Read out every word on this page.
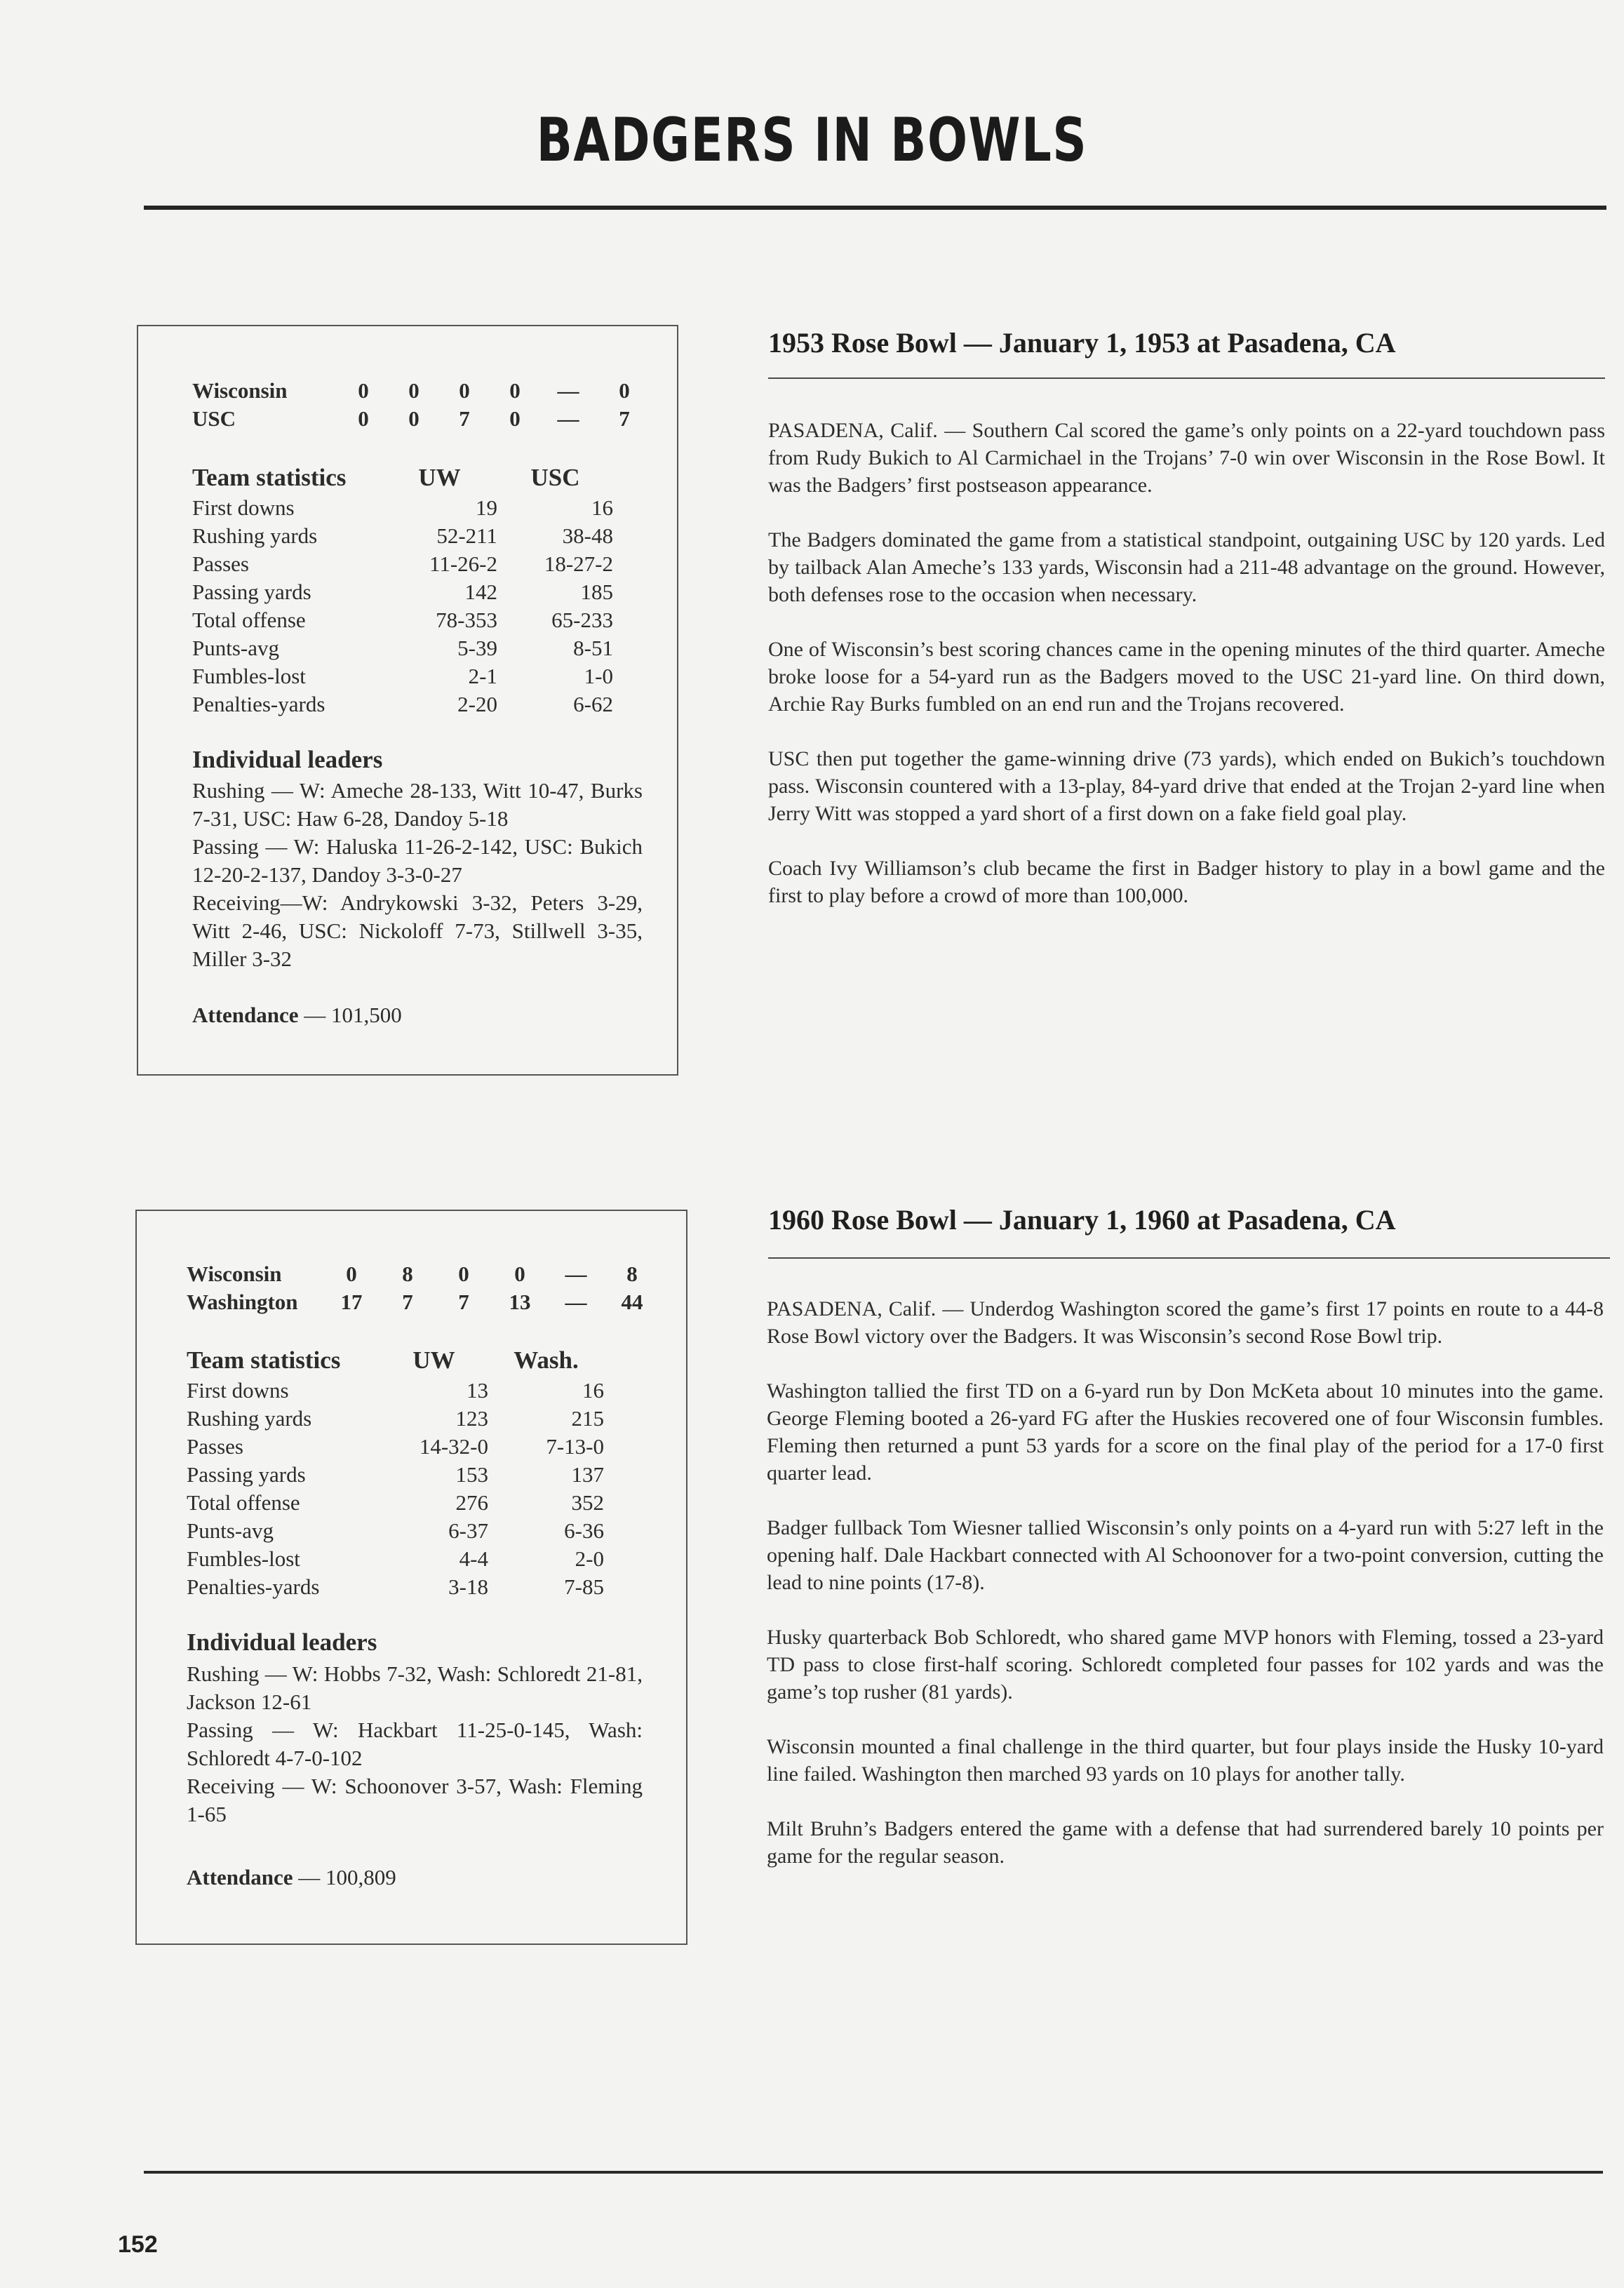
BADGERS IN BOWLS
Wisconsin	0	0	0	0	—	0
USC	0	0	7	0	—	7
Team statistics	UW	USC
First downs	19	16
Rushing yards	52-211	38-48
Passes	11-26-2	18-27-2
Passing yards	142	185
Total offense	78-353	65-233
Punts-avg	5-39	8-51
Fumbles-lost	2-1	1-0
Penalties-yards	2-20	6-62
Individual leaders

Rushing — W: Ameche 28-133, Witt 10-47, Burks 7-31, USC: Haw 6-28, Dandoy 5-18

Passing — W: Haluska 11-26-2-142, USC: Bukich 12-20-2-137, Dandoy 3-3-0-27

Receiving—W: Andrykowski 3-32, Peters 3-29, Witt 2-46, USC: Nickoloff 7-73, Stillwell 3-35, Miller 3-32

Attendance — 101,500

1953 Rose Bowl — January 1, 1953 at Pasadena, CA

PASADENA, Calif. — Southern Cal scored the game’s only points on a 22-yard touchdown pass from Rudy Bukich to Al Carmichael in the Trojans’ 7-0 win over Wisconsin in the Rose Bowl. It was the Badgers’ first postseason appearance.

The Badgers dominated the game from a statistical standpoint, outgaining USC by 120 yards. Led by tailback Alan Ameche’s 133 yards, Wisconsin had a 211-48 advantage on the ground. However, both defenses rose to the occasion when necessary.

One of Wisconsin’s best scoring chances came in the opening minutes of the third quarter. Ameche broke loose for a 54-yard run as the Badgers moved to the USC 21-yard line. On third down, Archie Ray Burks fumbled on an end run and the Trojans recovered.

USC then put together the game-winning drive (73 yards), which ended on Bukich’s touchdown pass. Wisconsin countered with a 13-play, 84-yard drive that ended at the Trojan 2-yard line when Jerry Witt was stopped a yard short of a first down on a fake field goal play.

Coach Ivy Williamson’s club became the first in Badger history to play in a bowl game and the first to play before a crowd of more than 100,000.

Wisconsin	0	8	0	0	—	8
Washington	17	7	7	13	—	44
Team statistics	UW	Wash.
First downs	13	16
Rushing yards	123	215
Passes	14-32-0	7-13-0
Passing yards	153	137
Total offense	276	352
Punts-avg	6-37	6-36
Fumbles-lost	4-4	2-0
Penalties-yards	3-18	7-85
Individual leaders

Rushing — W: Hobbs 7-32, Wash: Schloredt 21-81, Jackson 12-61

Passing — W: Hackbart 11-25-0-145, Wash: Schloredt 4-7-0-102

Receiving — W: Schoonover 3-57, Wash: Fleming 1-65

Attendance — 100,809

1960 Rose Bowl — January 1, 1960 at Pasadena, CA

PASADENA, Calif. — Underdog Washington scored the game’s first 17 points en route to a 44-8 Rose Bowl victory over the Badgers. It was Wisconsin’s second Rose Bowl trip.

Washington tallied the first TD on a 6-yard run by Don McKeta about 10 minutes into the game. George Fleming booted a 26-yard FG after the Huskies recovered one of four Wisconsin fumbles. Fleming then returned a punt 53 yards for a score on the final play of the period for a 17-0 first quarter lead.

Badger fullback Tom Wiesner tallied Wisconsin’s only points on a 4-yard run with 5:27 left in the opening half. Dale Hackbart connected with Al Schoonover for a two-point conversion, cutting the lead to nine points (17-8).

Husky quarterback Bob Schloredt, who shared game MVP honors with Fleming, tossed a 23-yard TD pass to close first-half scoring. Schloredt completed four passes for 102 yards and was the game’s top rusher (81 yards).

Wisconsin mounted a final challenge in the third quarter, but four plays inside the Husky 10-yard line failed. Washington then marched 93 yards on 10 plays for another tally.

Milt Bruhn’s Badgers entered the game with a defense that had surrendered barely 10 points per game for the regular season.

152
